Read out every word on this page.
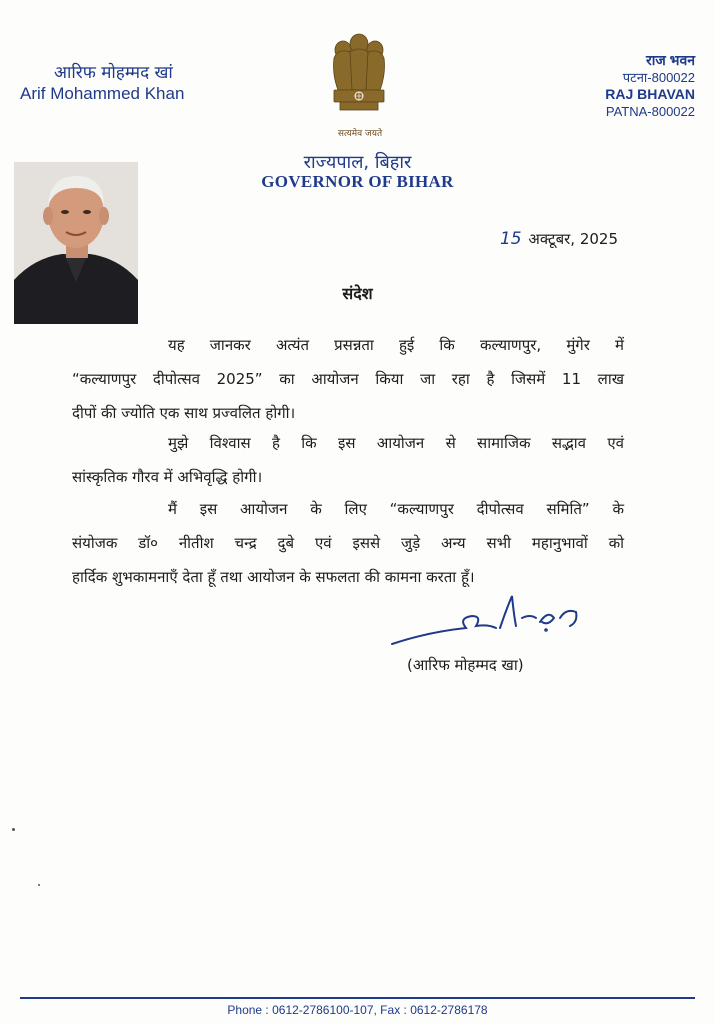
आरिफ मोहम्मद खां
Arif Mohammed Khan
सत्यमेव जयते
राज भवन
पटना-800022
RAJ BHAVAN
PATNA-800022
राज्यपाल, बिहार
GOVERNOR OF BIHAR
15 अक्टूबर, 2025
संदेश

यह जानकर अत्यंत प्रसन्नता हुई कि कल्याणपुर, मुंगेर में

“कल्याणपुर दीपोत्सव 2025” का आयोजन किया जा रहा है जिसमें 11 लाख

दीपों की ज्योति एक साथ प्रज्वलित होगी।

मुझे विश्वास है कि इस आयोजन से सामाजिक सद्भाव एवं

सांस्कृतिक गौरव में अभिवृद्धि होगी।

मैं इस आयोजन के लिए “कल्याणपुर दीपोत्सव समिति” के

संयोजक डॉ० नीतीश चन्द्र दुबे एवं इससे जुड़े अन्य सभी महानुभावों को

हार्दिक शुभकामनाएँ देता हूँ तथा आयोजन के सफलता की कामना करता हूँ।

(आरिफ मोहम्मद खा)
Phone : 0612-2786100-107, Fax : 0612-2786178
